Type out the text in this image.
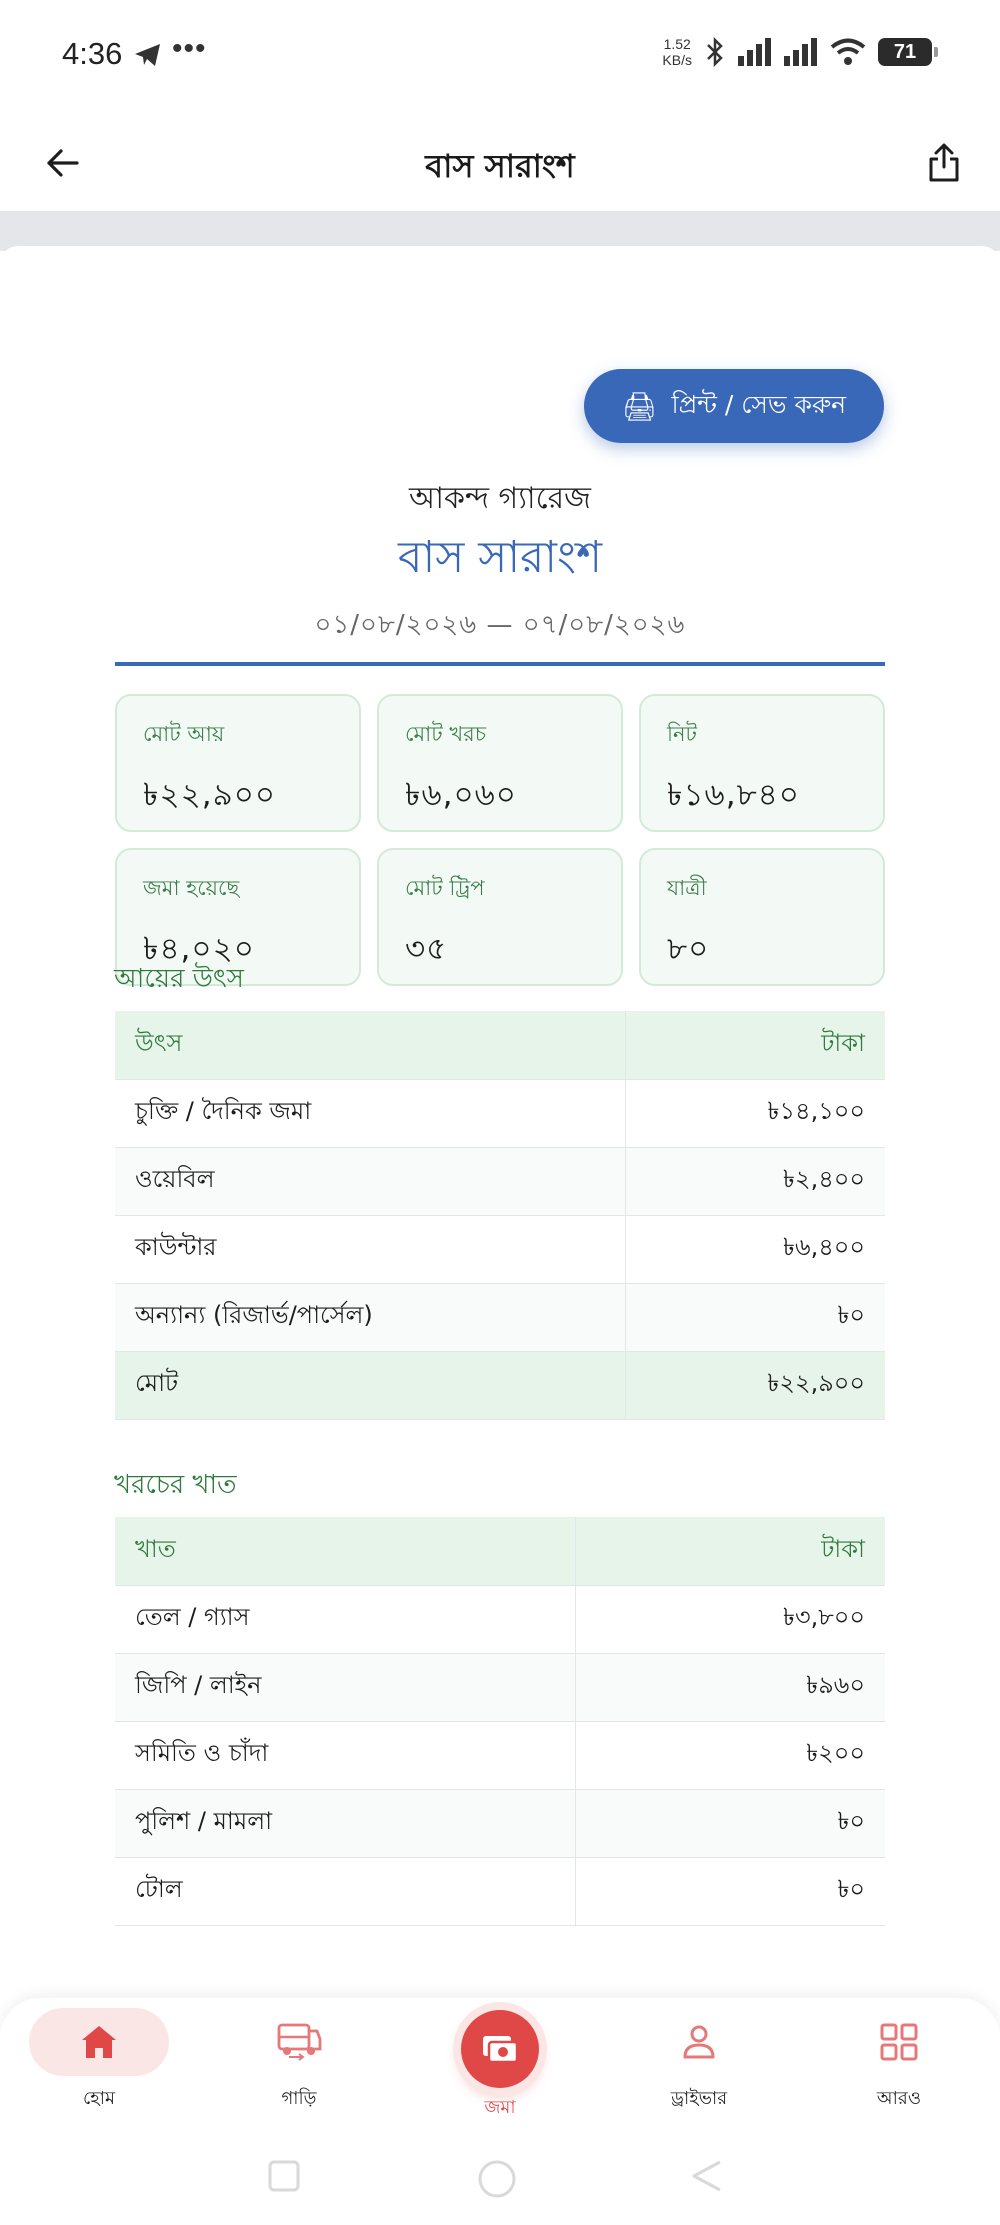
4:36 •••	1.52
KB/s	71
বাস সারাংশ
🖨 প্রিন্ট / সেভ করুন
আকন্দ গ্যারেজ
বাস সারাংশ
০১/০৮/২০২৬ — ০৭/০৮/২০২৬
মোট আয়
৳২২,৯০০
মোট খরচ
৳৬,০৬০
নিট
৳১৬,৮৪০
জমা হয়েছে
৳৪,০২০
মোট ট্রিপ
৩৫
যাত্রী
৮০
আয়ের উৎস
উৎস	টাকা
চুক্তি / দৈনিক জমা	৳১৪,১০০
ওয়েবিল	৳২,৪০০
কাউন্টার	৳৬,৪০০
অন্যান্য (রিজার্ভ/পার্সেল)	৳০
মোট	৳২২,৯০০
খরচের খাত
খাত	টাকা
তেল / গ্যাস	৳৩,৮০০
জিপি / লাইন	৳৯৬০
সমিতি ও চাঁদা	৳২০০
পুলিশ / মামলা	৳০
টোল	৳০
হোম	গাড়ি	ড্রাইভার	আরও
জমা
